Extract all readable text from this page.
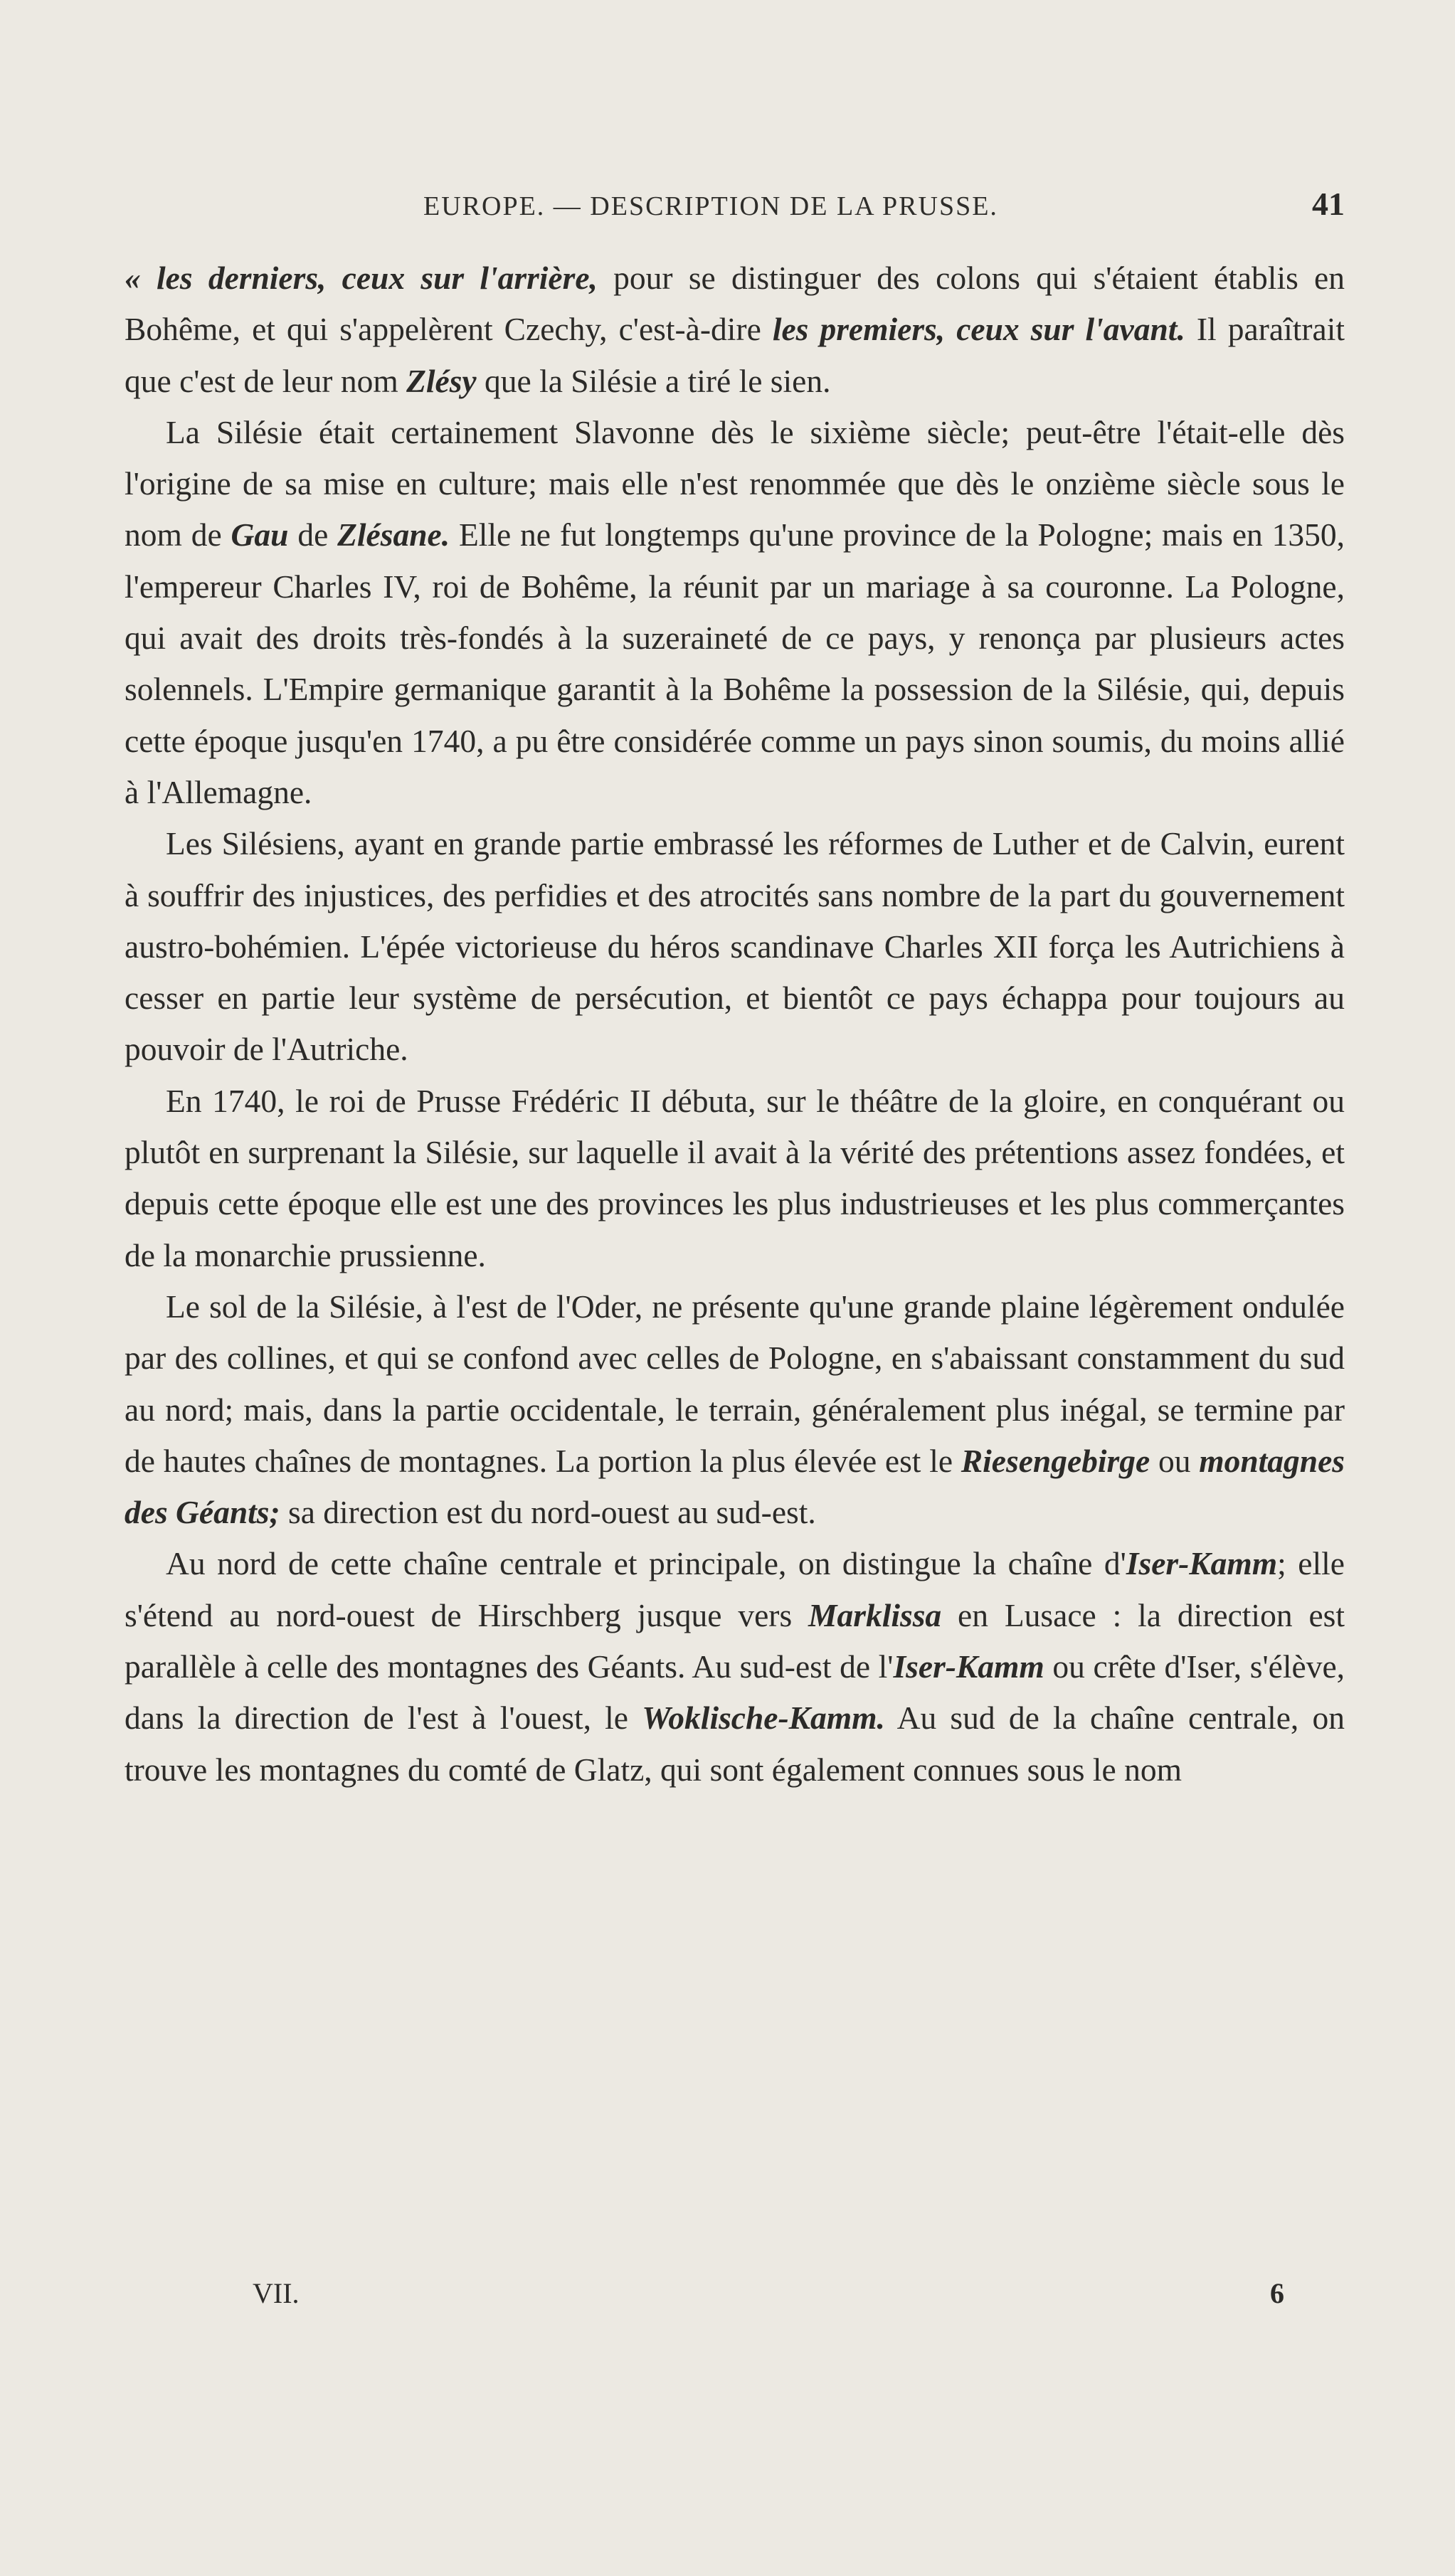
EUROPE. — DESCRIPTION DE LA PRUSSE.	41

« les derniers, ceux sur l'arrière, pour se distinguer des colons qui s'étaient établis en Bohême, et qui s'appelèrent Czechy, c'est-à-dire les premiers, ceux sur l'avant. Il paraîtrait que c'est de leur nom Zlésy que la Silésie a tiré le sien.

La Silésie était certainement Slavonne dès le sixième siècle; peut-être l'était-elle dès l'origine de sa mise en culture; mais elle n'est renommée que dès le onzième siècle sous le nom de Gau de Zlésane. Elle ne fut longtemps qu'une province de la Pologne; mais en 1350, l'empereur Charles IV, roi de Bohême, la réunit par un mariage à sa couronne. La Pologne, qui avait des droits très-fondés à la suzeraineté de ce pays, y renonça par plusieurs actes solennels. L'Empire germanique garantit à la Bohême la possession de la Silésie, qui, depuis cette époque jusqu'en 1740, a pu être considérée comme un pays sinon soumis, du moins allié à l'Allemagne.

Les Silésiens, ayant en grande partie embrassé les réformes de Luther et de Calvin, eurent à souffrir des injustices, des perfidies et des atrocités sans nombre de la part du gouvernement austro-bohémien. L'épée victorieuse du héros scandinave Charles XII força les Autrichiens à cesser en partie leur système de persécution, et bientôt ce pays échappa pour toujours au pouvoir de l'Autriche.

En 1740, le roi de Prusse Frédéric II débuta, sur le théâtre de la gloire, en conquérant ou plutôt en surprenant la Silésie, sur laquelle il avait à la vérité des prétentions assez fondées, et depuis cette époque elle est une des provinces les plus industrieuses et les plus commerçantes de la monarchie prussienne.

Le sol de la Silésie, à l'est de l'Oder, ne présente qu'une grande plaine légèrement ondulée par des collines, et qui se confond avec celles de Pologne, en s'abaissant constamment du sud au nord; mais, dans la partie occidentale, le terrain, généralement plus inégal, se termine par de hautes chaînes de montagnes. La portion la plus élevée est le Riesengebirge ou montagnes des Géants; sa direction est du nord-ouest au sud-est.

Au nord de cette chaîne centrale et principale, on distingue la chaîne d'Iser-Kamm; elle s'étend au nord-ouest de Hirschberg jusque vers Marklissa en Lusace : la direction est parallèle à celle des montagnes des Géants. Au sud-est de l'Iser-Kamm ou crête d'Iser, s'élève, dans la direction de l'est à l'ouest, le Woklische-Kamm. Au sud de la chaîne centrale, on trouve les montagnes du comté de Glatz, qui sont également connues sous le nom

VII.	6
